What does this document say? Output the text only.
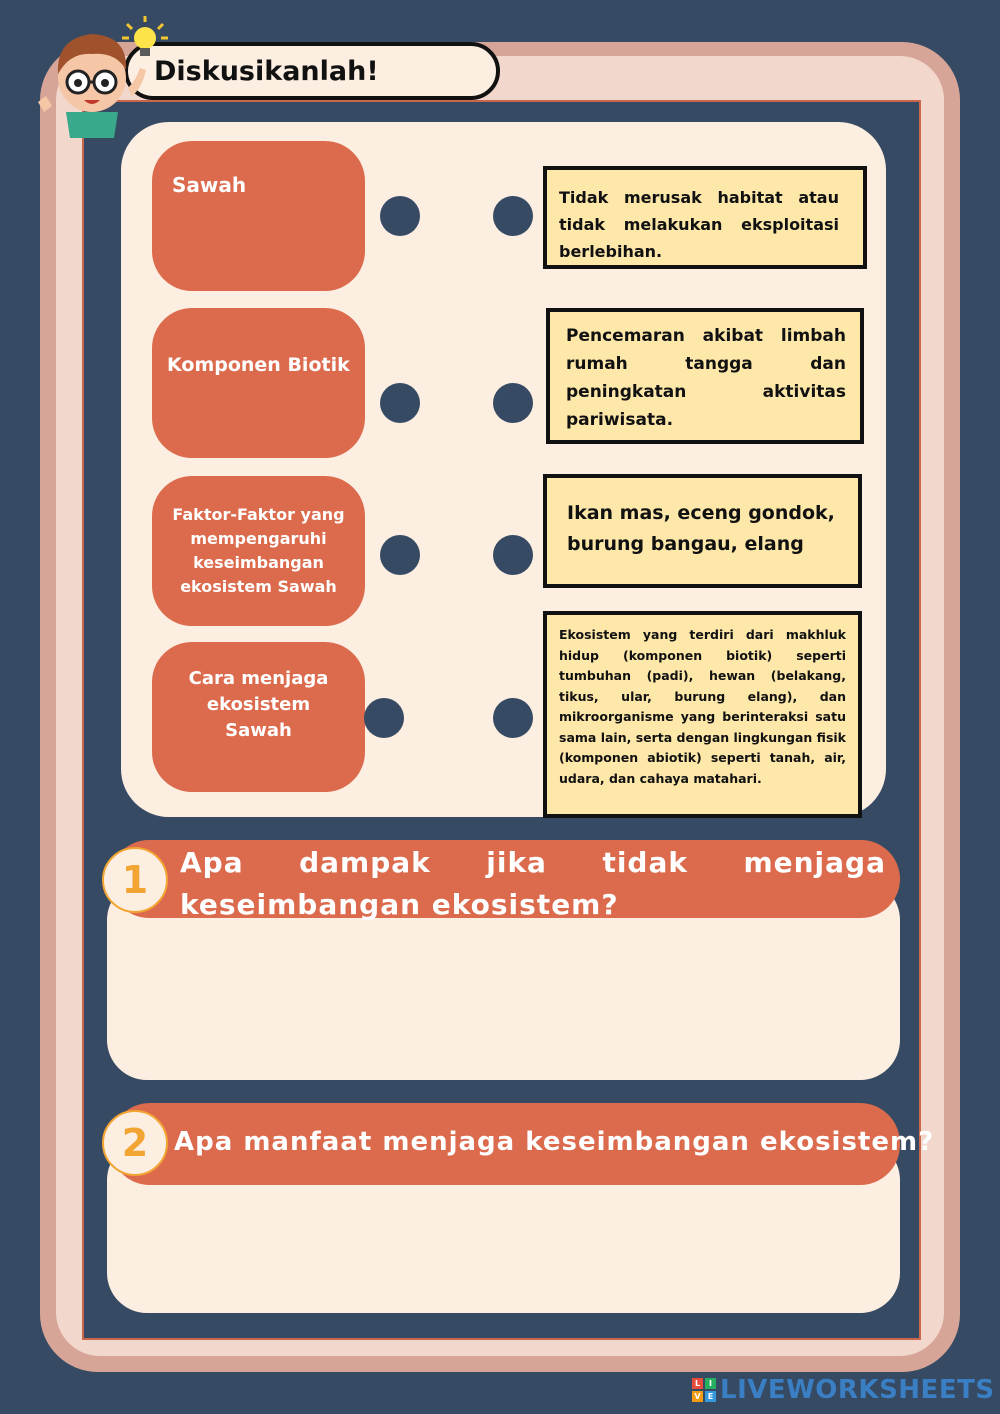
Diskusikanlah!
Sawah
Komponen Biotik
Faktor-Faktor yang mempengaruhi keseimbangan ekosistem Sawah
Cara menjaga ekosistem Sawah
Tidak merusak habitat atau tidak melakukan eksploitasi berlebihan.
Pencemaran akibat limbah rumah tangga dan peningkatan aktivitas pariwisata.
Ikan mas, eceng gondok, burung bangau, elang
Ekosistem yang terdiri dari makhluk hidup (komponen biotik) seperti tumbuhan (padi), hewan (belakang, tikus, ular, burung elang), dan mikroorganisme yang berinteraksi satu sama lain, serta dengan lingkungan fisik (komponen abiotik) seperti tanah, air, udara, dan cahaya matahari.
1 Apa dampak jika tidak menjaga keseimbangan ekosistem?
2 Apa manfaat menjaga keseimbangan ekosistem?
L	I
V E LIVEWORKSHEETS
